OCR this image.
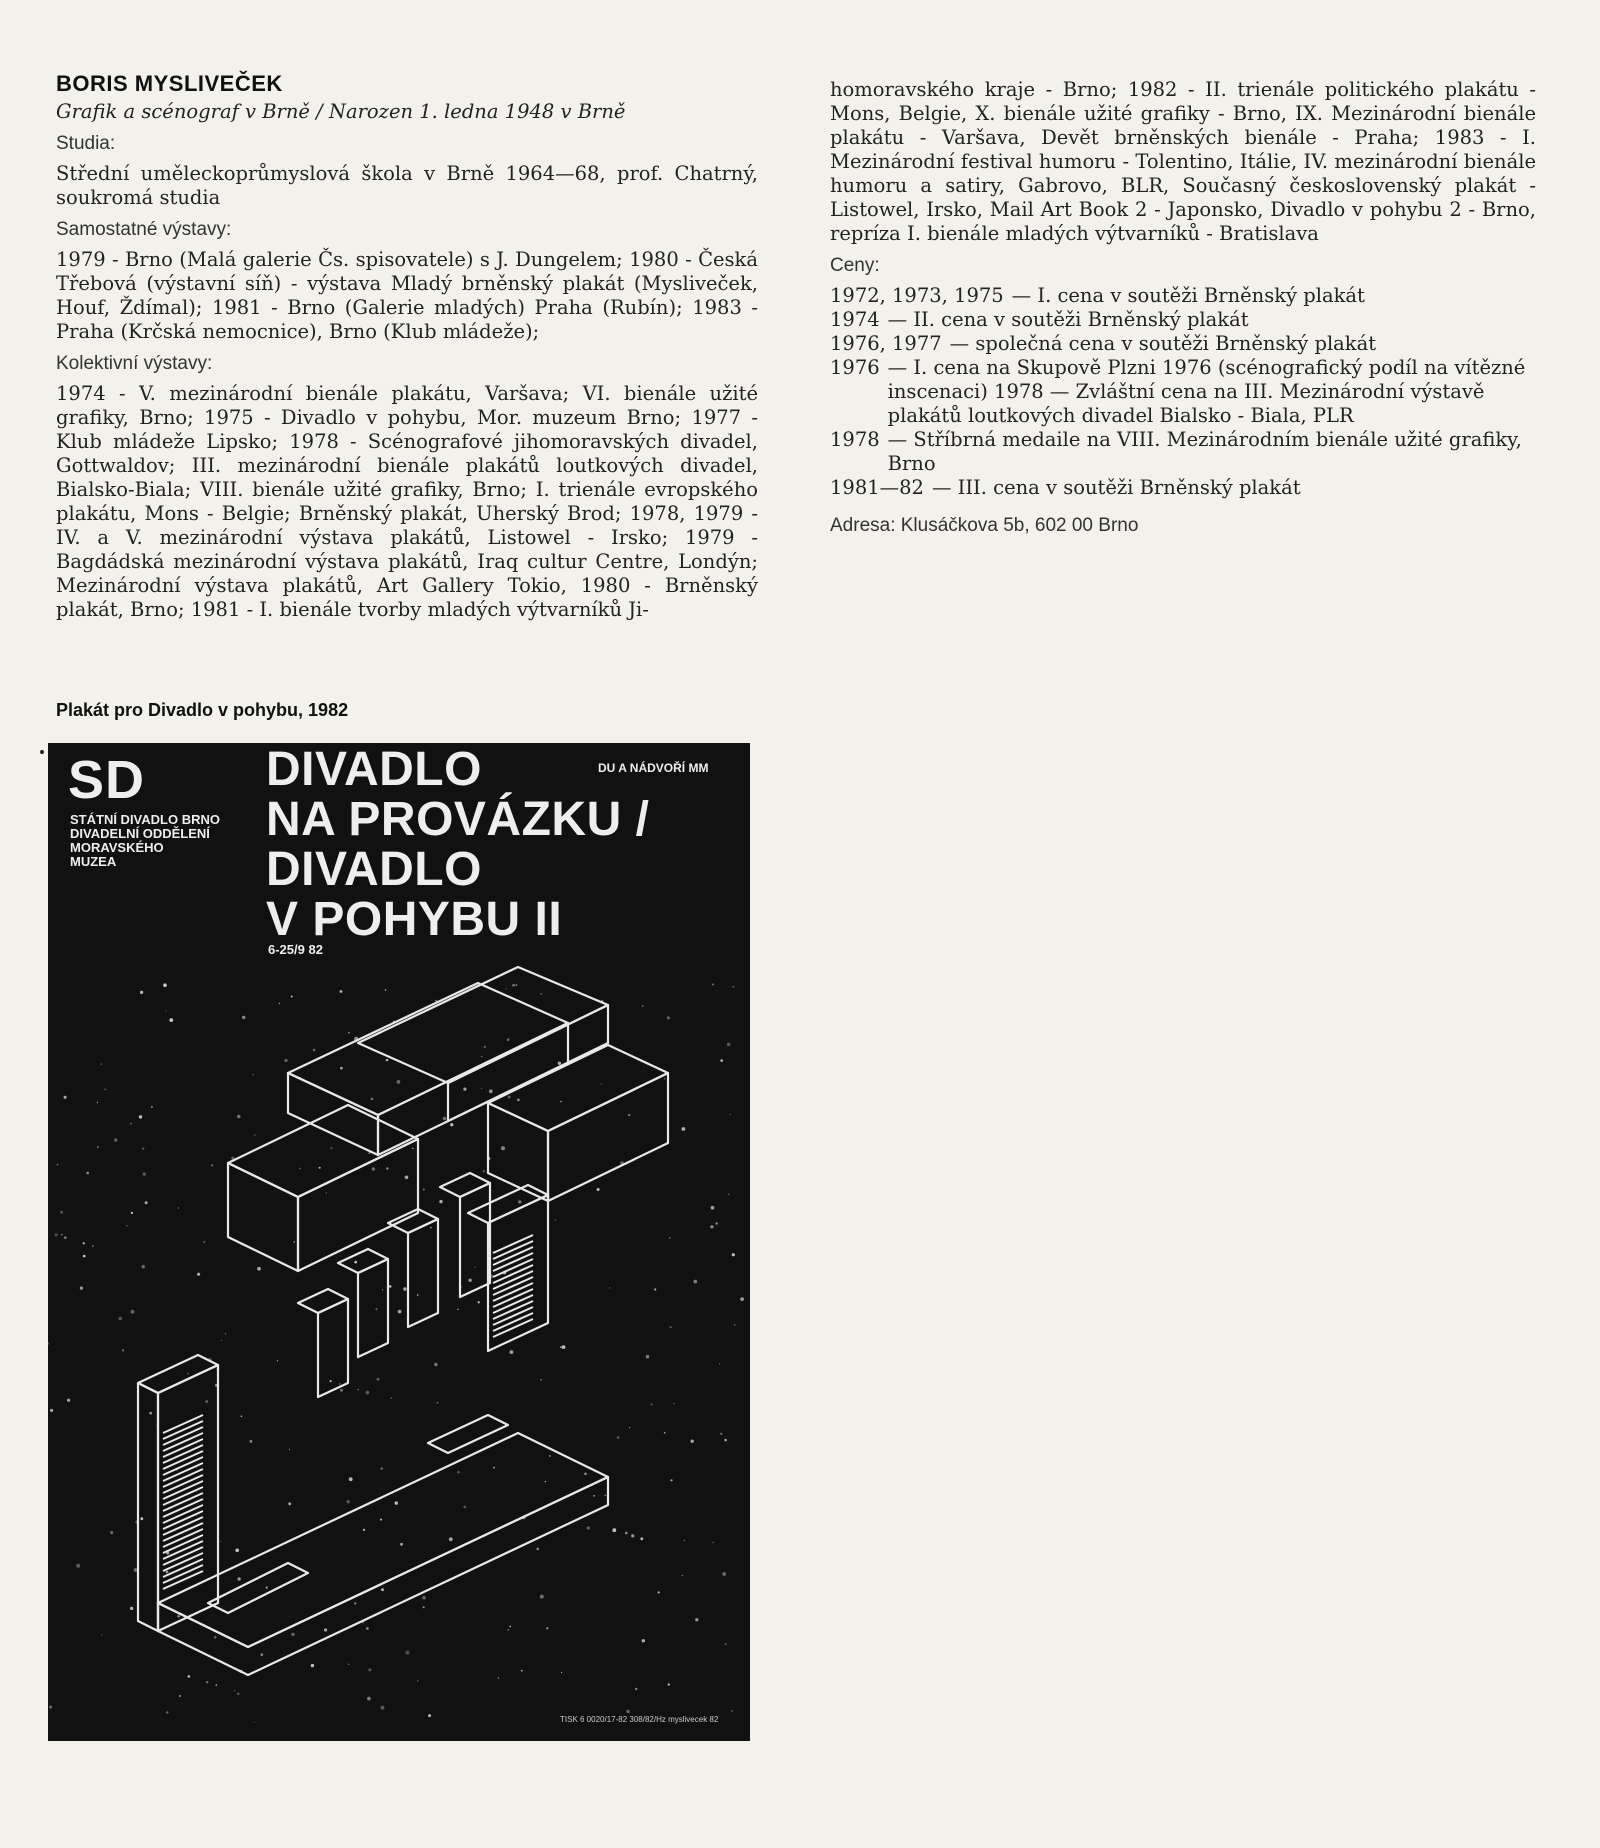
BORIS MYSLIVEČEK
Grafik a scénograf v Brně / Narozen 1. ledna 1948 v Brně
Studia:
Střední uměleckoprůmyslová škola v Brně 1964—68, prof. Chatrný, soukromá studia
Samostatné výstavy:
1979 - Brno (Malá galerie Čs. spisovatele) s J. Dungelem; 1980 - Česká Třebová (výstavní síň) - výstava Mladý brněnský plakát (Myslivеček, Houf, Ždímal); 1981 - Brno (Galerie mladých) Praha (Rubín); 1983 - Praha (Krčská nemocnice), Brno (Klub mládeže);
Kolektivní výstavy:
1974 - V. mezinárodní bienále plakátu, Varšava; VI. bienále užité grafiky, Brno; 1975 - Divadlo v pohybu, Mor. muzeum Brno; 1977 - Klub mládeže Lipsko; 1978 - Scénografové jihomoravských divadel, Gottwaldov; III. mezinárodní bienále plakátů loutkových divadel, Bialsko-Biala; VIII. bienále užité grafiky, Brno; I. trienále evropského plakátu, Mons - Belgie; Brněnský plakát, Uherský Brod; 1978, 1979 - IV. a V. mezinárodní výstava plakátů, Listowel - Irsko; 1979 - Bagdádská mezinárodní výstava plakátů, Iraq cultur Centre, Londýn; Mezinárodní výstava plakátů, Art Gallery Tokio, 1980 - Brněnský plakát, Brno; 1981 - I. bienále tvorby mladých výtvarníků Ji-
Plakát pro Divadlo v pohybu, 1982
SD
STÁTNÍ DIVADLO BRNO
DIVADELNÍ ODDĚLENÍ
MORAVSKÉHO
MUZEA
DIVADLO
NA PROVÁZKU /
DIVADLO
V POHYBU II
DU A NÁDVOŘÍ MM
6-25/9 82
TISK 6 0020/17-82 308/82/Hz myslivecek 82
homoravského kraje - Brno; 1982 - II. trienále politického plakátu - Mons, Belgie, X. bienále užité grafiky - Brno, IX. Mezinárodní bienále plakátu - Varšava, Devět brněnských bienále - Praha; 1983 - I. Mezinárodní festival humoru - Tolentino, Itálie, IV. mezinárodní bienále humoru a satiry, Gabrovo, BLR, Současný československý plakát - Listowel, Irsko, Mail Art Book 2 - Japonsko, Divadlo v pohybu 2 - Brno, repríza I. bienále mladých výtvarníků - Bratislava
Ceny:
1972, 1973, 1975 — I. cena v soutěži Brněnský plakát
1974 — II. cena v soutěži Brněnský plakát
1976, 1977 — společná cena v soutěži Brněnský plakát
1976 — I. cena na Skupově Plzni 1976 (scénografický podíl na vítězné inscenaci) 1978 — Zvláštní cena na III. Mezinárodní výstavě plakátů loutkových divadel Bialsko - Biala, PLR
1978 — Stříbrná medaile na VIII. Mezinárodním bienále užité grafiky, Brno
1981—82 — III. cena v soutěži Brněnský plakát
Adresa: Klusáčkova 5b, 602 00 Brno
